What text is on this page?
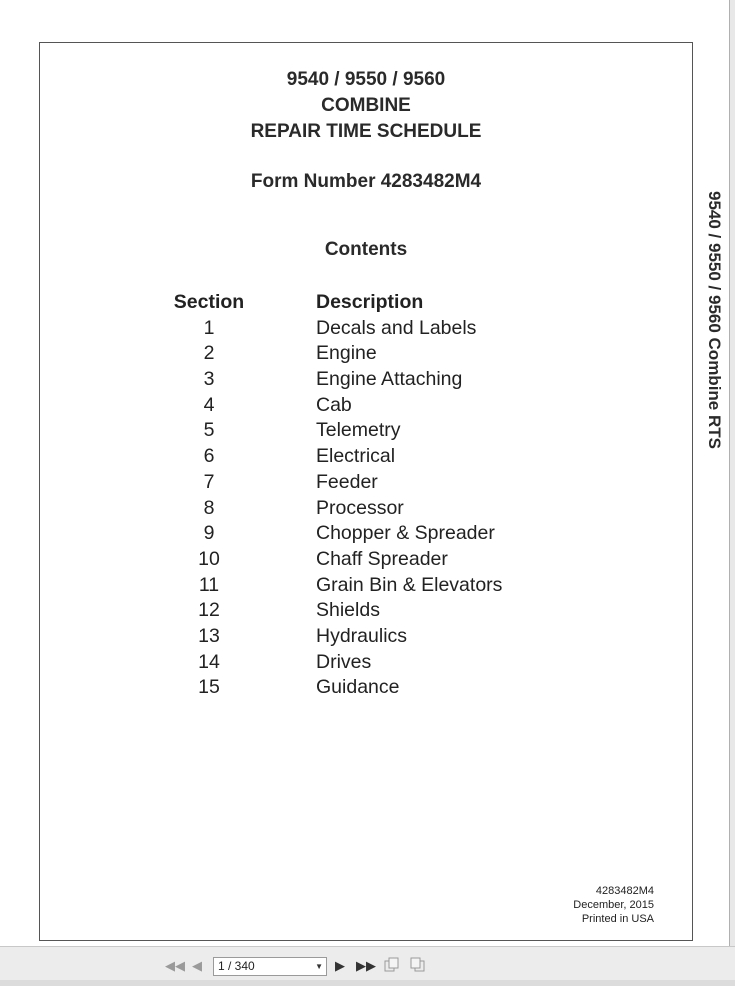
9540 / 9550 / 9560

COMBINE

REPAIR TIME SCHEDULE

Form Number 4283482M4
Contents
Section	Description
1	Decals and Labels
2	Engine
3	Engine Attaching
4	Cab
5	Telemetry
6	Electrical
7	Feeder
8	Processor
9	Chopper & Spreader
10	Chaff Spreader
11	Grain Bin & Elevators
12	Shields
13	Hydraulics
14	Drives
15	Guidance
4283482M4
December, 2015
Printed in USA
9540 / 9550 / 9560 Combine RTS
◀◀ ◀	1 / 340	▼ ▶ ▶▶
